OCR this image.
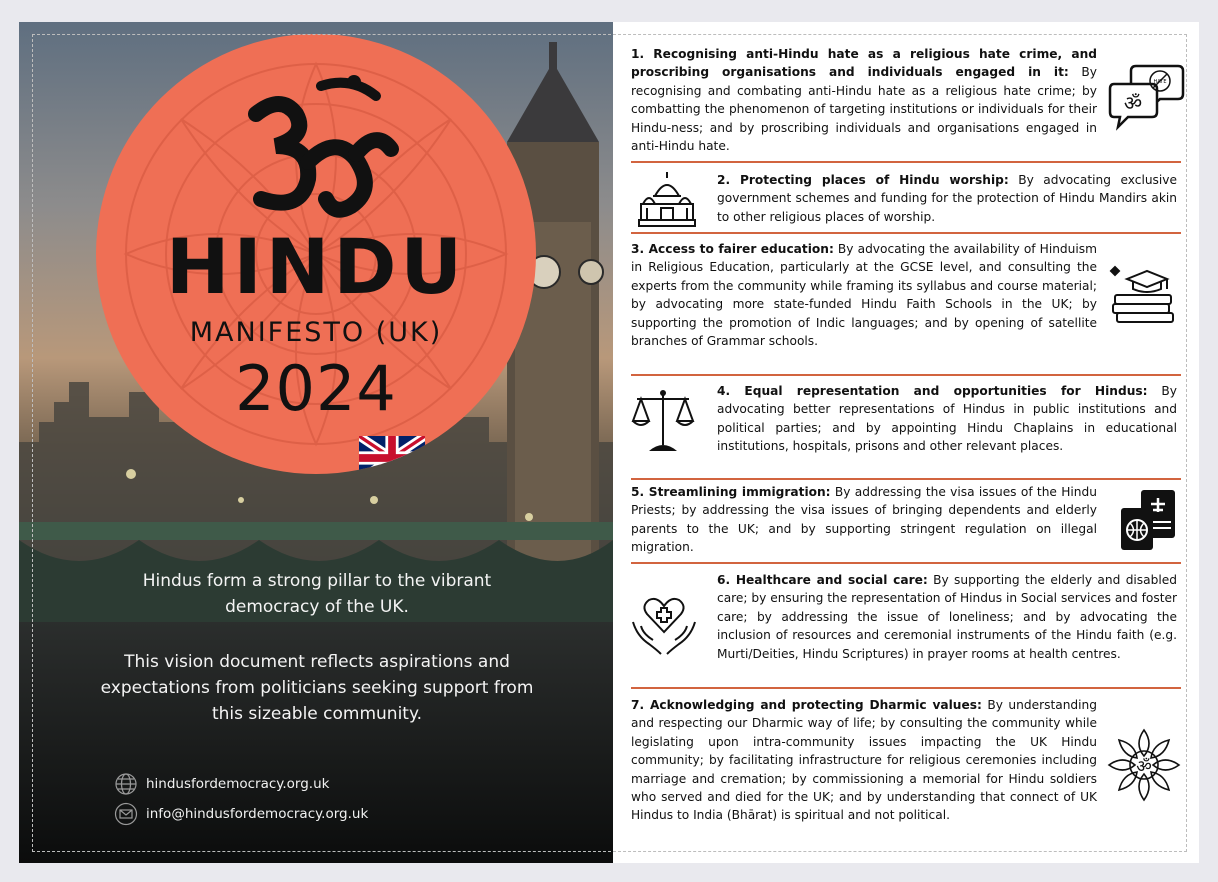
HINDU
MANIFESTO (UK)
2024
Hindus form a strong pillar to the vibrant democracy of the UK.
This vision document reflects aspirations and expectations from politicians seeking support from this sizeable community.
hindusfordemocracy.org.uk
info@hindusfordemocracy.org.uk
1. Recognising anti-Hindu hate as a religious hate crime, and proscribing organisations and individuals engaged in it: By recognising and combating anti-Hindu hate as a religious hate crime; by combatting the phenomenon of targeting institutions or individuals for their Hindu-ness; and by proscribing individuals and organisations engaged in anti-Hindu hate.
HATE
ॐ
2. Protecting places of Hindu worship: By advocating exclusive government schemes and funding for the protection of Hindu Mandirs akin to other religious places of worship.
3. Access to fairer education: By advocating the availability of Hinduism in Religious Education, particularly at the GCSE level, and consulting the experts from the community while framing its syllabus and course material; by advocating more state-funded Hindu Faith Schools in the UK; by supporting the promotion of Indic languages; and by opening of satellite branches of Grammar schools.
4. Equal representation and opportunities for Hindus: By advocating better representations of Hindus in public institutions and political parties; and by appointing Hindu Chaplains in educational institutions, hospitals, prisons and other relevant places.
5. Streamlining immigration: By addressing the visa issues of the Hindu Priests; by addressing the visa issues of bringing dependents and elderly parents to the UK; and by supporting stringent regulation on illegal migration.
6. Healthcare and social care: By supporting the elderly and disabled care; by ensuring the representation of Hindus in Social services and foster care; by addressing the issue of loneliness; and by advocating the inclusion of resources and ceremonial instruments of the Hindu faith (e.g. Murti/Deities, Hindu Scriptures) in prayer rooms at health centres.
7. Acknowledging and protecting Dharmic values: By understanding and respecting our Dharmic way of life; by consulting the community while legislating upon intra-community issues impacting the UK Hindu community; by facilitating infrastructure for religious ceremonies including marriage and cremation; by commissioning a memorial for Hindu soldiers who served and died for the UK; and by understanding that connect of UK Hindus to India (Bhārat) is spiritual and not political.
ॐ
